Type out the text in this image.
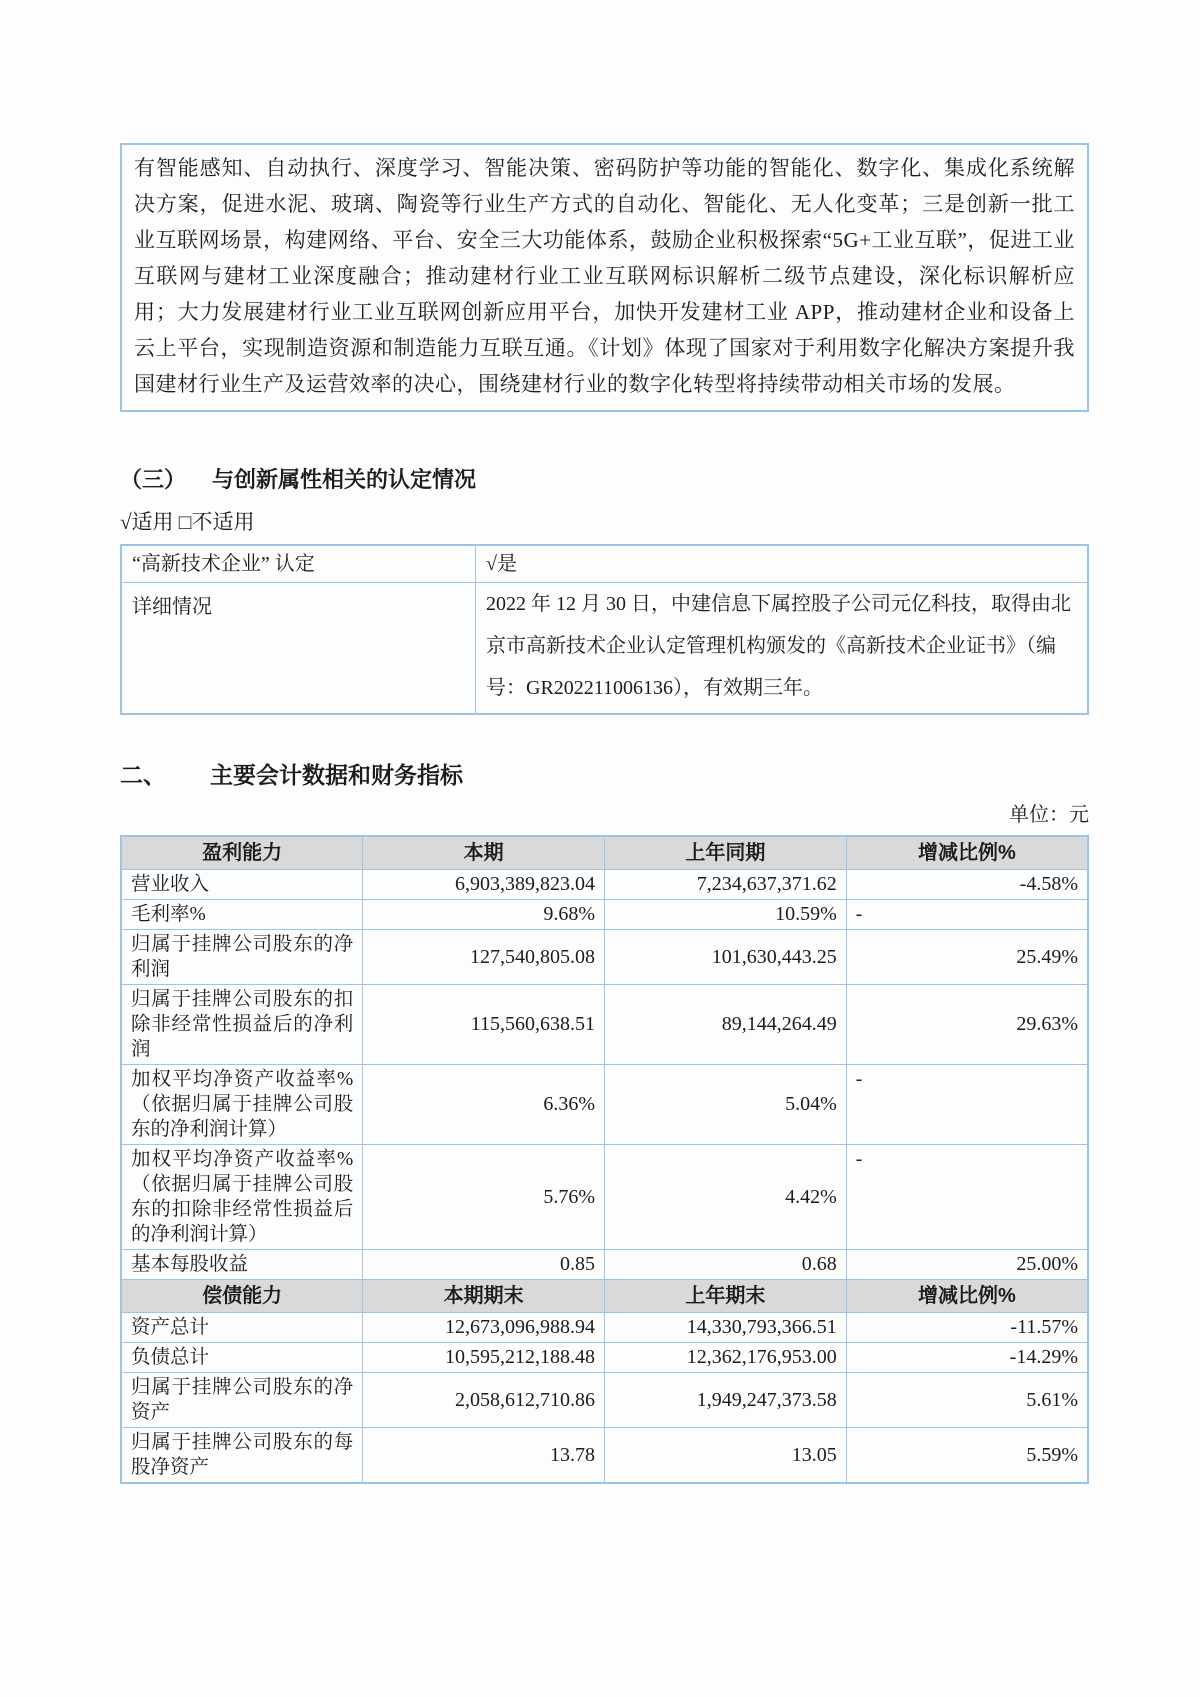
有智能感知、自动执行、深度学习、智能决策、密码防护等功能的智能化、数字化、集成化系统解决方案，促进水泥、玻璃、陶瓷等行业生产方式的自动化、智能化、无人化变革；三是创新一批工业互联网场景，构建网络、平台、安全三大功能体系，鼓励企业积极探索“5G+工业互联”，促进工业互联网与建材工业深度融合；推动建材行业工业互联网标识解析二级节点建设，深化标识解析应用；大力发展建材行业工业互联网创新应用平台，加快开发建材工业 APP，推动建材企业和设备上云上平台，实现制造资源和制造能力互联互通。《计划》体现了国家对于利用数字化解决方案提升我国建材行业生产及运营效率的决心，围绕建材行业的数字化转型将持续带动相关市场的发展。

（三） 与创新属性相关的认定情况
√适用 □不适用
“高新技术企业” 认定	√是
详细情况	2022 年 12 月 30 日，中建信息下属控股子公司元亿科技，取得由北京市高新技术企业认定管理机构颁发的《高新技术企业证书》（编号：GR202211006136），有效期三年。
二、 主要会计数据和财务指标
单位：元
盈利能力	本期	上年同期	增减比例%
营业收入	6,903,389,823.04	7,234,637,371.62	-4.58%
毛利率%	9.68%	10.59%	-
归属于挂牌公司股东的净利润	127,540,805.08	101,630,443.25	25.49%
归属于挂牌公司股东的扣除非经常性损益后的净利润	115,560,638.51	89,144,264.49	29.63%
加权平均净资产收益率%（依据归属于挂牌公司股东的净利润计算）	6.36%	5.04%	-
加权平均净资产收益率%（依据归属于挂牌公司股东的扣除非经常性损益后的净利润计算）	5.76%	4.42%	-
基本每股收益	0.85	0.68	25.00%
偿债能力	本期期末	上年期末	增减比例%
资产总计	12,673,096,988.94	14,330,793,366.51	-11.57%
负债总计	10,595,212,188.48	12,362,176,953.00	-14.29%
归属于挂牌公司股东的净资产	2,058,612,710.86	1,949,247,373.58	5.61%
归属于挂牌公司股东的每股净资产	13.78	13.05	5.59%
